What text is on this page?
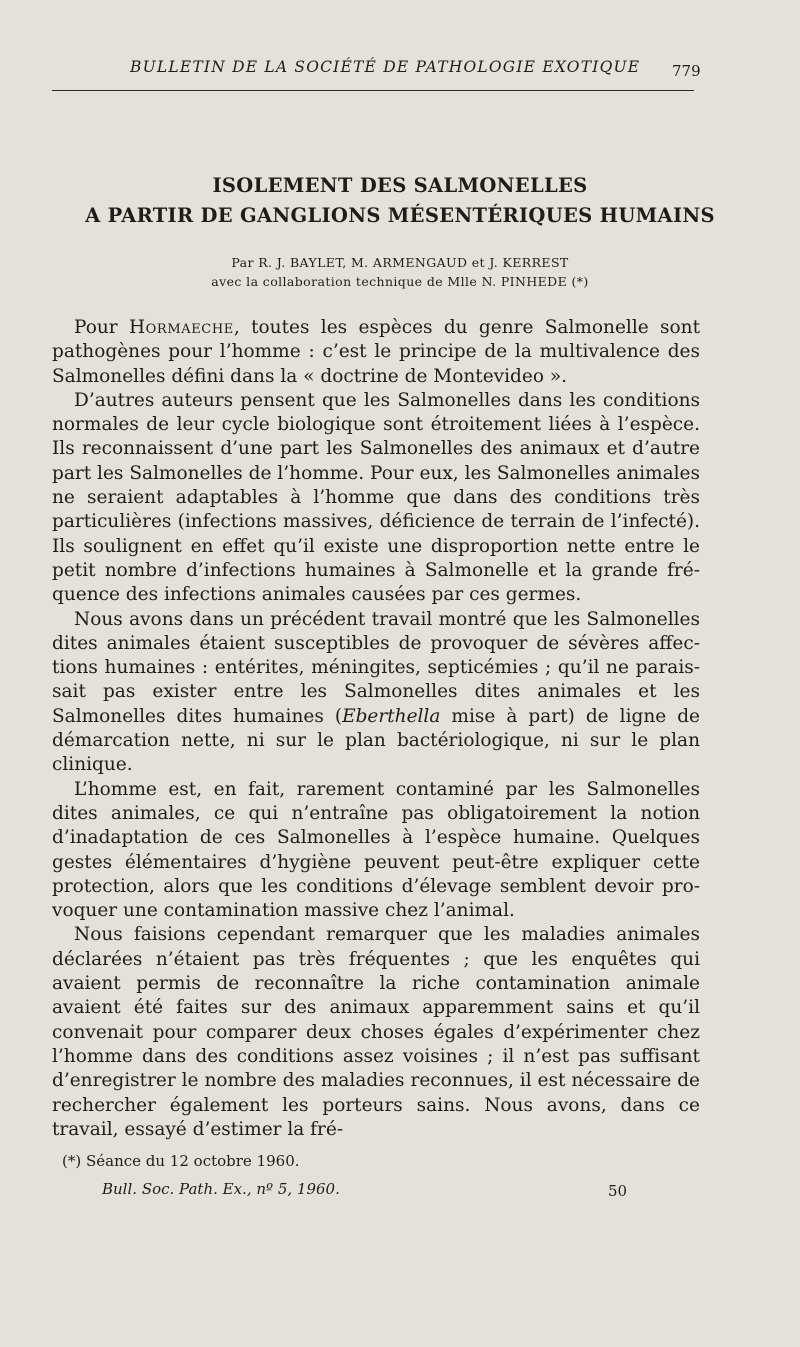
BULLETIN DE LA SOCIÉTÉ DE PATHOLOGIE EXOTIQUE 779
ISOLEMENT DES SALMONELLES
A PARTIR DE GANGLIONS MÉSENTÉRIQUES HUMAINS
Par R. J. BAYLET, M. ARMENGAUD et J. KERREST
avec la collaboration technique de Mlle N. PINHEDE (*)

Pour Hormaeche, toutes les espèces du genre Salmonelle sont pathogènes pour l’homme : c’est le principe de la multivalence des Salmonelles défini dans la « doctrine de Montevideo ».

D’autres auteurs pensent que les Salmonelles dans les conditions normales de leur cycle biologique sont étroitement liées à l’espèce. Ils reconnaissent d’une part les Salmonelles des animaux et d’autre part les Salmonelles de l’homme. Pour eux, les Salmonelles animales ne seraient adaptables à l’homme que dans des conditions très particulières (infections massives, déficience de terrain de l’infecté). Ils soulignent en effet qu’il existe une disproportion nette entre le petit nombre d’infections humaines à Salmonelle et la grande fréquence des infections animales causées par ces germes.

Nous avons dans un précédent travail montré que les Salmonelles dites animales étaient susceptibles de provoquer de sévères affections humaines : entérites, méningites, septicémies ; qu’il ne paraissait pas exister entre les Salmonelles dites animales et les Salmonelles dites humaines (Eberthella mise à part) de ligne de démarcation nette, ni sur le plan bactériologique, ni sur le plan clinique.

L’homme est, en fait, rarement contaminé par les Salmonelles dites animales, ce qui n’entraîne pas obligatoirement la notion d’inadaptation de ces Salmonelles à l’espèce humaine. Quelques gestes élémentaires d’hygiène peuvent peut-être expliquer cette protection, alors que les conditions d’élevage semblent devoir provoquer une contamination massive chez l’animal.

Nous faisions cependant remarquer que les maladies animales déclarées n’étaient pas très fréquentes ; que les enquêtes qui avaient permis de reconnaître la riche contamination animale avaient été faites sur des animaux apparemment sains et qu’il convenait pour comparer deux choses égales d’expérimenter chez l’homme dans des conditions assez voisines ; il n’est pas suffisant d’enregistrer le nombre des maladies reconnues, il est nécessaire de rechercher également les porteurs sains. Nous avons, dans ce travail, essayé d’estimer la fré-

(*) Séance du 12 octobre 1960.
Bull. Soc. Path. Ex., nº 5, 1960.	50
